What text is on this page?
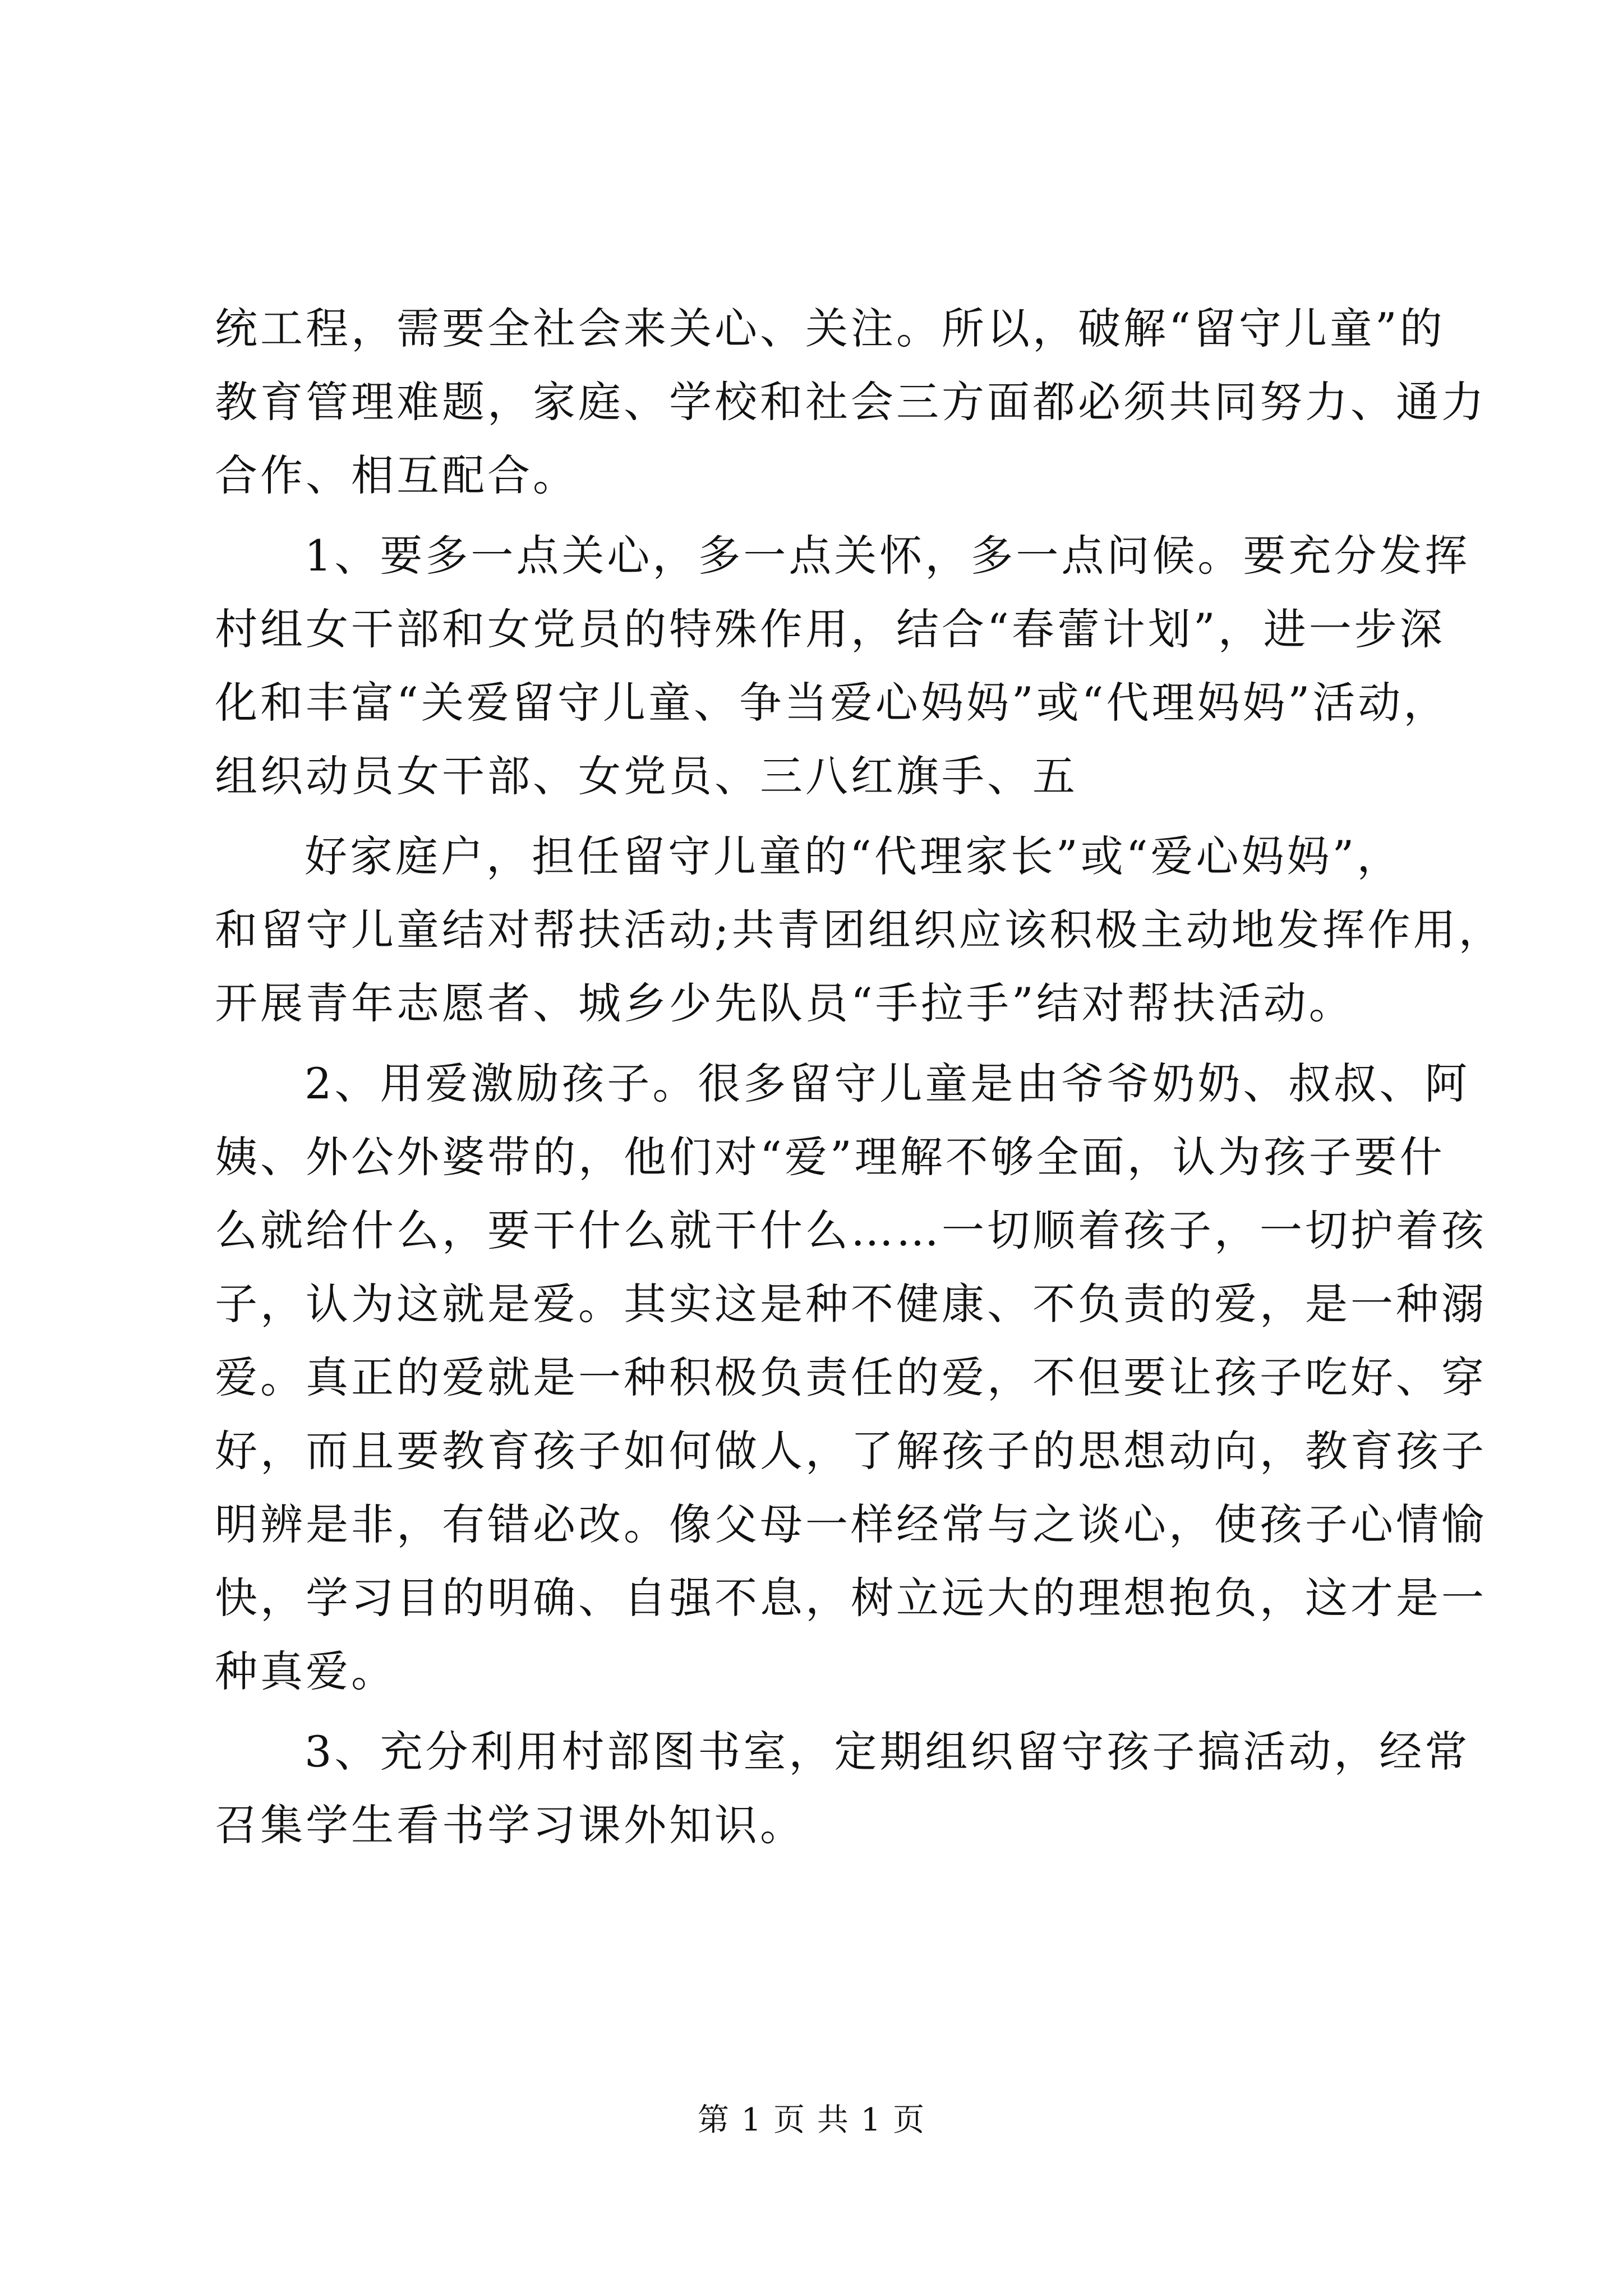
统工程，需要全社会来关心、关注。所以，破解“留守儿童”的
教育管理难题，家庭、学校和社会三方面都必须共同努力、通力
合作、相互配合。

1、要多一点关心，多一点关怀，多一点问候。要充分发挥
村组女干部和女党员的特殊作用，结合“春蕾计划”，进一步深
化和丰富“关爱留守儿童、争当爱心妈妈”或“代理妈妈”活动，
组织动员女干部、女党员、三八红旗手、五

好家庭户，担任留守儿童的“代理家长”或“爱心妈妈”，
和留守儿童结对帮扶活动;共青团组织应该积极主动地发挥作用，
开展青年志愿者、城乡少先队员“手拉手”结对帮扶活动。

2、用爱激励孩子。很多留守儿童是由爷爷奶奶、叔叔、阿
姨、外公外婆带的，他们对“爱”理解不够全面，认为孩子要什
么就给什么，要干什么就干什么……一切顺着孩子，一切护着孩
子，认为这就是爱。其实这是种不健康、不负责的爱，是一种溺
爱。真正的爱就是一种积极负责任的爱，不但要让孩子吃好、穿
好，而且要教育孩子如何做人，了解孩子的思想动向，教育孩子
明辨是非，有错必改。像父母一样经常与之谈心，使孩子心情愉
快，学习目的明确、自强不息，树立远大的理想抱负，这才是一
种真爱。

3、充分利用村部图书室，定期组织留守孩子搞活动，经常
召集学生看书学习课外知识。

第 1 页 共 1 页
